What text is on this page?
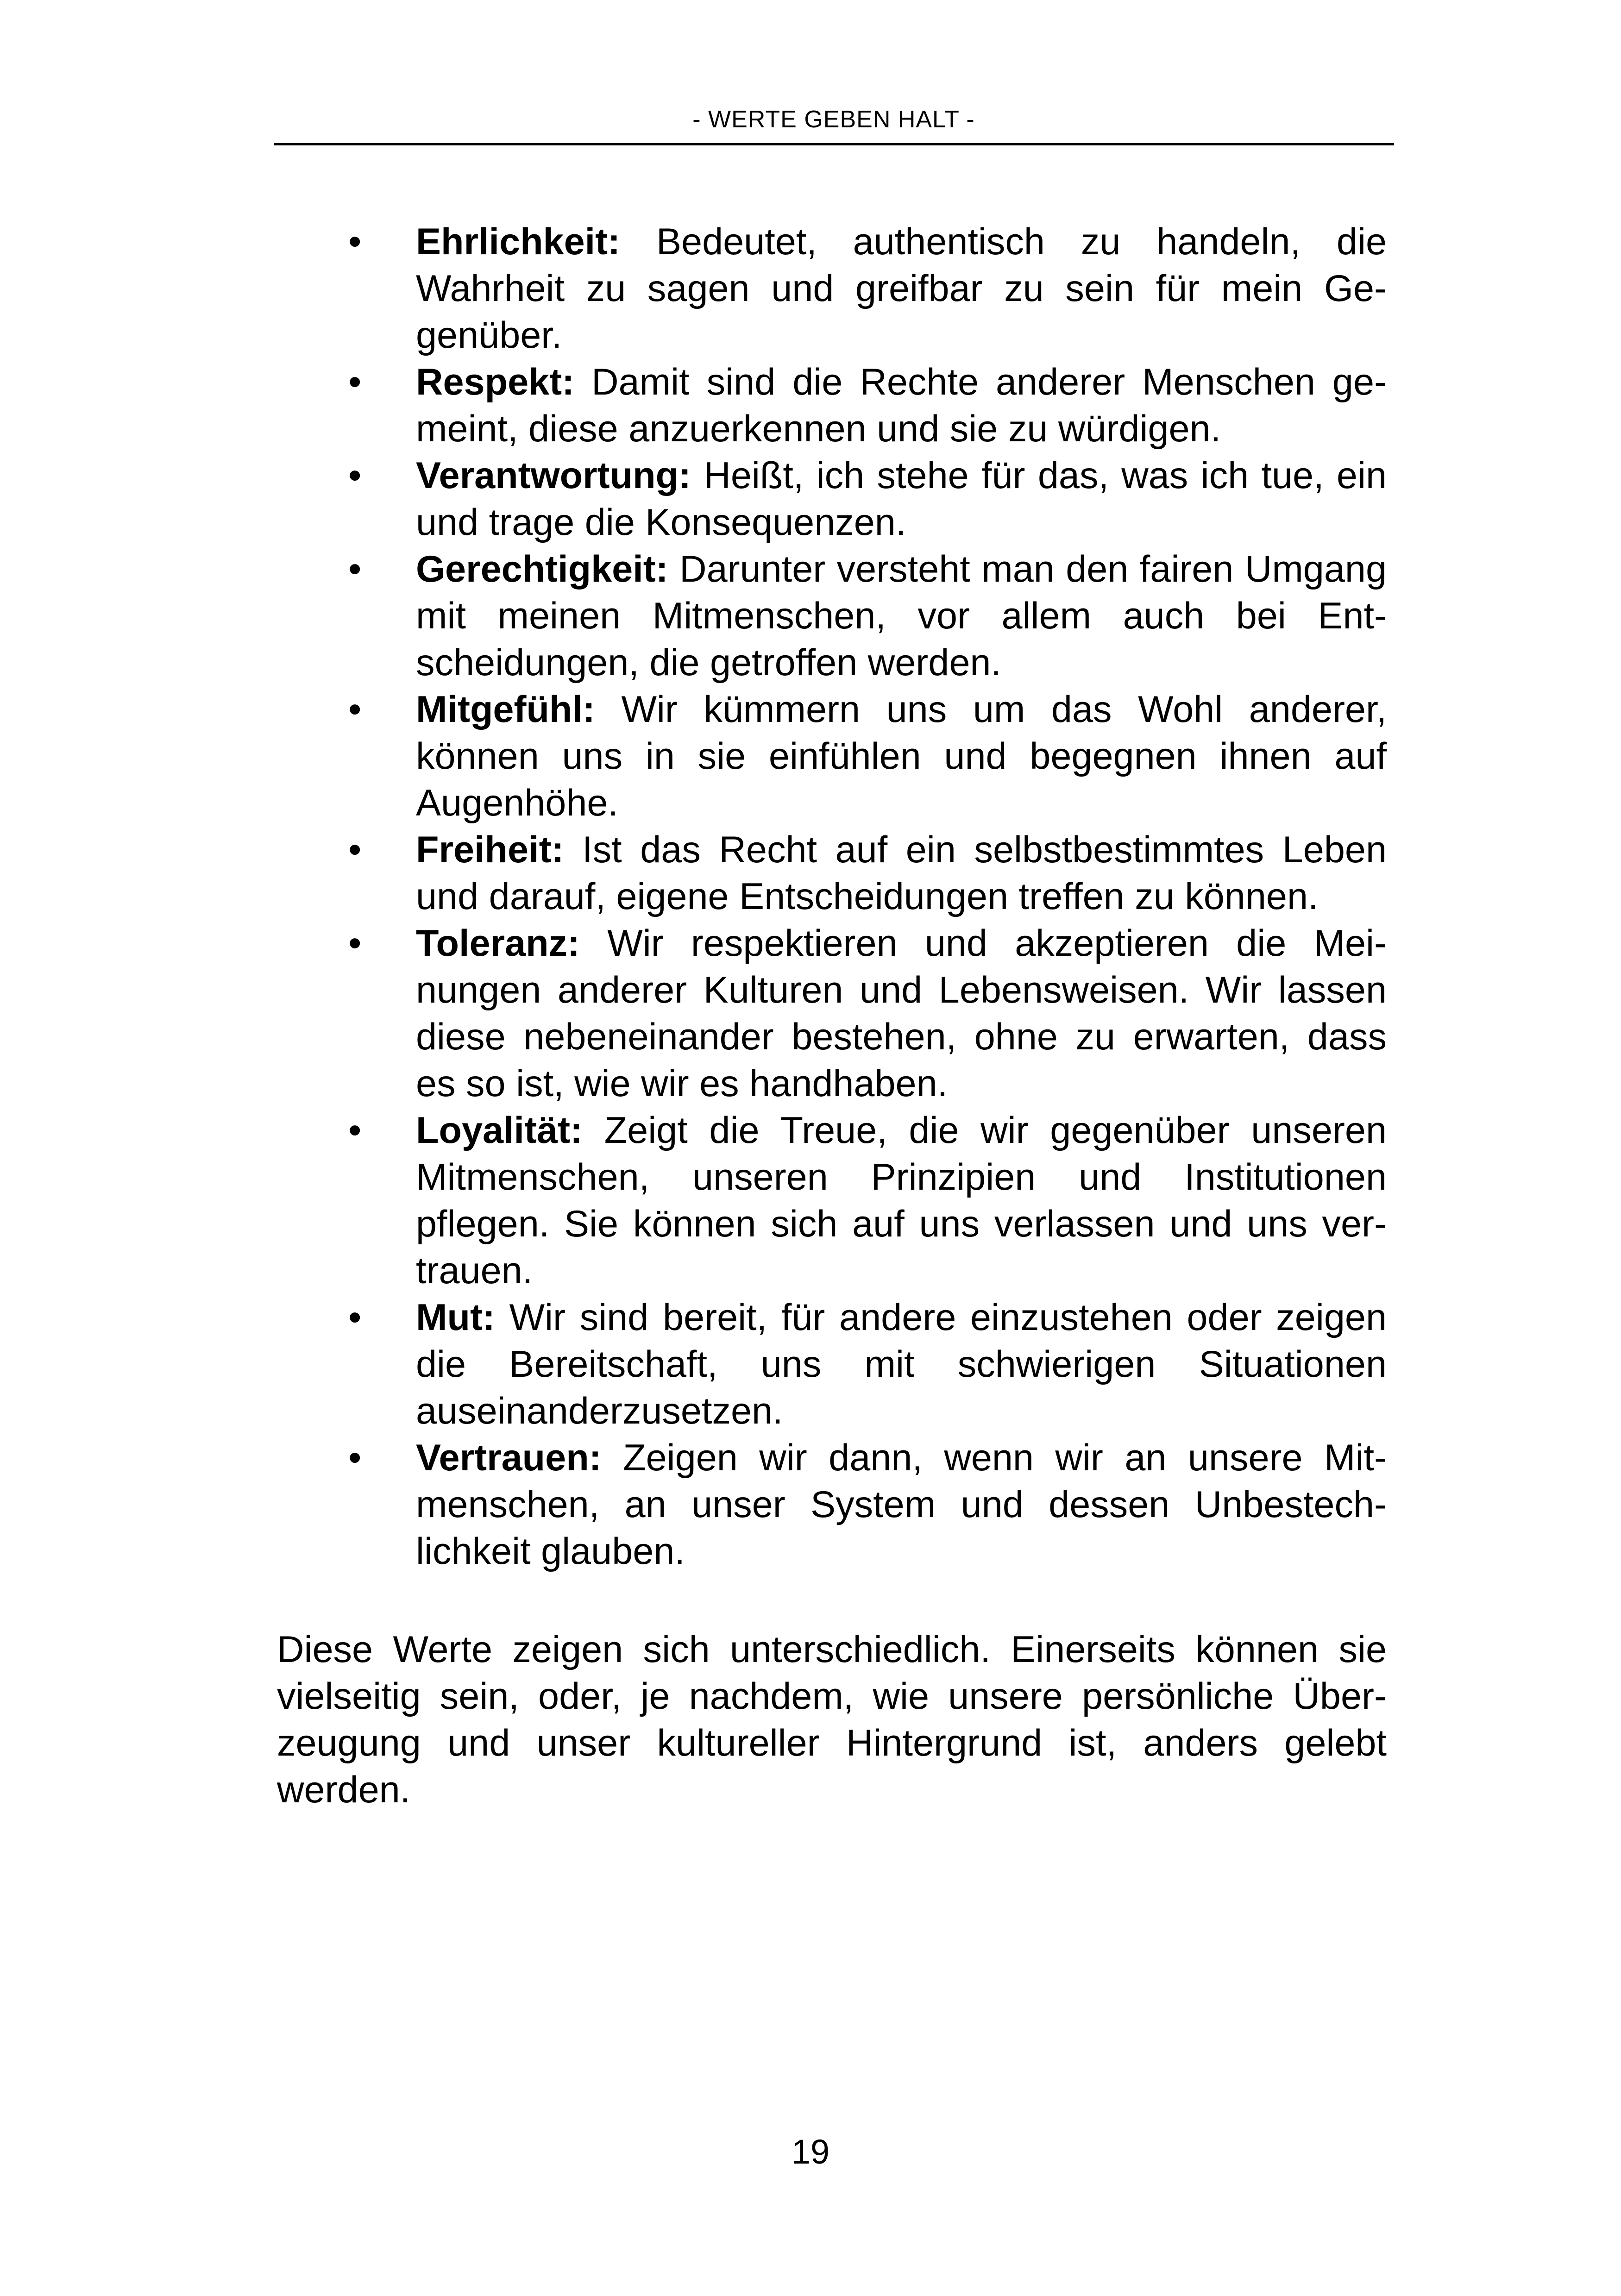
- WERTE GEBEN HALT -
• Ehrlichkeit: Bedeutet, authentisch zu handeln, die Wahrheit zu sagen und greifbar zu sein für mein Gegenüber.
• Respekt: Damit sind die Rechte anderer Menschen gemeint, diese anzuerkennen und sie zu würdigen.
• Verantwortung: Heißt, ich stehe für das, was ich tue, ein und trage die Konsequenzen.
• Gerechtigkeit: Darunter versteht man den fairen Umgang mit meinen Mitmenschen, vor allem auch bei Entscheidungen, die getroffen werden.
• Mitgefühl: Wir kümmern uns um das Wohl anderer, können uns in sie einfühlen und begegnen ihnen auf Augenhöhe.
• Freiheit: Ist das Recht auf ein selbstbestimmtes Leben und darauf, eigene Entscheidungen treffen zu können.
• Toleranz: Wir respektieren und akzeptieren die Meinungen anderer Kulturen und Lebensweisen. Wir lassen diese nebeneinander bestehen, ohne zu erwarten, dass es so ist, wie wir es handhaben.
• Loyalität: Zeigt die Treue, die wir gegenüber unseren Mitmenschen, unseren Prinzipien und Institutionen pflegen. Sie können sich auf uns verlassen und uns vertrauen.
• Mut: Wir sind bereit, für andere einzustehen oder zeigen die Bereitschaft, uns mit schwierigen Situationen auseinanderzusetzen.
• Vertrauen: Zeigen wir dann, wenn wir an unsere Mitmenschen, an unser System und dessen Unbestechlichkeit glauben.

Diese Werte zeigen sich unterschiedlich. Einerseits können sie vielseitig sein, oder, je nachdem, wie unsere persönliche Überzeugung und unser kultureller Hintergrund ist, anders gelebt werden.

19
